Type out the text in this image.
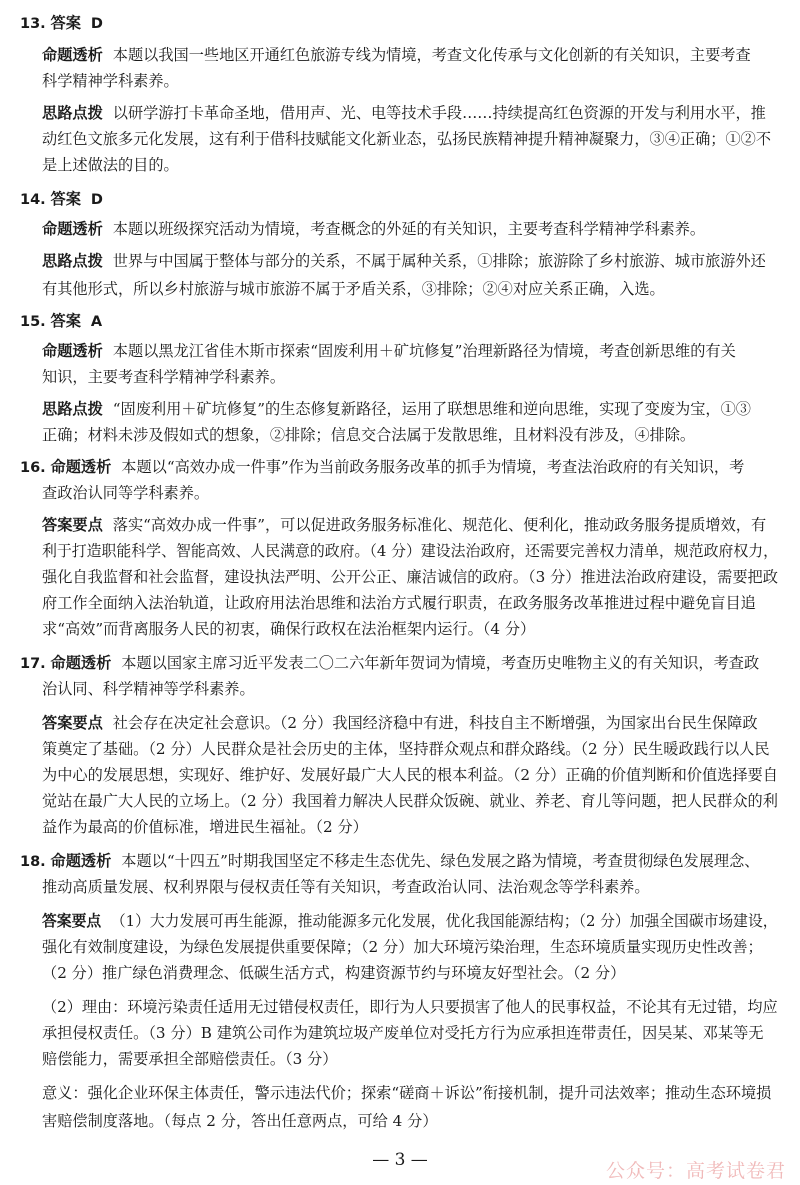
13. 答案 D
命题透析 本题以我国一些地区开通红色旅游专线为情境，考查文化传承与文化创新的有关知识，主要考查
科学精神学科素养。
思路点拨 以研学游打卡革命圣地，借用声、光、电等技术手段……持续提高红色资源的开发与利用水平，推
动红色文旅多元化发展，这有利于借科技赋能文化新业态，弘扬民族精神提升精神凝聚力，③④正确；①②不
是上述做法的目的。
14. 答案 D
命题透析 本题以班级探究活动为情境，考查概念的外延的有关知识，主要考查科学精神学科素养。
思路点拨 世界与中国属于整体与部分的关系，不属于属种关系，①排除；旅游除了乡村旅游、城市旅游外还
有其他形式，所以乡村旅游与城市旅游不属于矛盾关系，③排除；②④对应关系正确，入选。
15. 答案 A
命题透析 本题以黑龙江省佳木斯市探索“固废利用＋矿坑修复”治理新路径为情境，考查创新思维的有关
知识，主要考查科学精神学科素养。
思路点拨 “固废利用＋矿坑修复”的生态修复新路径，运用了联想思维和逆向思维，实现了变废为宝，①③
正确；材料未涉及假如式的想象，②排除；信息交合法属于发散思维，且材料没有涉及，④排除。
16. 命题透析 本题以“高效办成一件事”作为当前政务服务改革的抓手为情境，考查法治政府的有关知识，考
查政治认同等学科素养。
答案要点 落实“高效办成一件事”，可以促进政务服务标准化、规范化、便利化，推动政务服务提质增效，有
利于打造职能科学、智能高效、人民满意的政府。（4 分）建设法治政府，还需要完善权力清单，规范政府权力，
强化自我监督和社会监督，建设执法严明、公开公正、廉洁诚信的政府。（3 分）推进法治政府建设，需要把政
府工作全面纳入法治轨道，让政府用法治思维和法治方式履行职责，在政务服务改革推进过程中避免盲目追
求“高效”而背离服务人民的初衷，确保行政权在法治框架内运行。（4 分）
17. 命题透析 本题以国家主席习近平发表二〇二六年新年贺词为情境，考查历史唯物主义的有关知识，考查政
治认同、科学精神等学科素养。
答案要点 社会存在决定社会意识。（2 分）我国经济稳中有进，科技自主不断增强，为国家出台民生保障政
策奠定了基础。（2 分）人民群众是社会历史的主体，坚持群众观点和群众路线。（2 分）民生暖政践行以人民
为中心的发展思想，实现好、维护好、发展好最广大人民的根本利益。（2 分）正确的价值判断和价值选择要自
觉站在最广大人民的立场上。（2 分）我国着力解决人民群众饭碗、就业、养老、育儿等问题，把人民群众的利
益作为最高的价值标准，增进民生福祉。（2 分）
18. 命题透析 本题以“十四五”时期我国坚定不移走生态优先、绿色发展之路为情境，考查贯彻绿色发展理念、
推动高质量发展、权利界限与侵权责任等有关知识，考查政治认同、法治观念等学科素养。
答案要点 （1）大力发展可再生能源，推动能源多元化发展，优化我国能源结构；（2 分）加强全国碳市场建设，
强化有效制度建设，为绿色发展提供重要保障；（2 分）加大环境污染治理，生态环境质量实现历史性改善；
（2 分）推广绿色消费理念、低碳生活方式，构建资源节约与环境友好型社会。（2 分）
（2）理由：环境污染责任适用无过错侵权责任，即行为人只要损害了他人的民事权益，不论其有无过错，均应
承担侵权责任。（3 分）B 建筑公司作为建筑垃圾产废单位对受托方行为应承担连带责任，因吴某、邓某等无
赔偿能力，需要承担全部赔偿责任。（3 分）
意义：强化企业环保主体责任，警示违法代价；探索“磋商＋诉讼”衔接机制，提升司法效率；推动生态环境损
害赔偿制度落地。（每点 2 分，答出任意两点，可给 4 分）
— 3 —	公众号：高考试卷君
